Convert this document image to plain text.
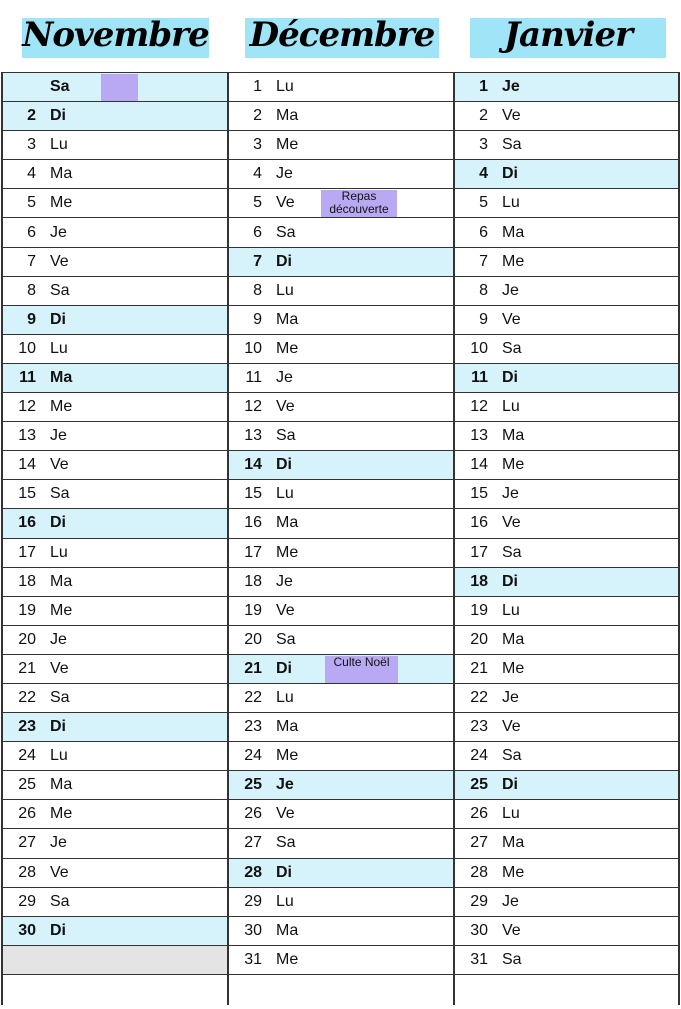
Novembre Décembre Janvier
Sa
2 Di
3 Lu
4 Ma
5 Me
6 Je
7 Ve
8 Sa
9 Di
10 Lu
11 Ma
12 Me
13 Je
14 Ve
15 Sa
16 Di
17 Lu
18 Ma
19 Me
20 Je
21 Ve
22 Sa
23 Di
24 Lu
25 Ma
26 Me
27 Je
28 Ve
29 Sa
30 Di
1 Lu
2 Ma
3 Me
4 Je
5 Ve	Repas découverte
6 Sa
7 Di
8 Lu
9 Ma
10 Me
11 Je
12 Ve
13 Sa
14 Di
15 Lu
16 Ma
17 Me
18 Je
19 Ve
20 Sa
21 Di	Culte Noël
22 Lu
23 Ma
24 Me
25 Je
26 Ve
27 Sa
28 Di
29 Lu
30 Ma
31 Me
1 Je
2 Ve
3 Sa
4 Di
5 Lu
6 Ma
7 Me
8 Je
9 Ve
10 Sa
11 Di
12 Lu
13 Ma
14 Me
15 Je
16 Ve
17 Sa
18 Di
19 Lu
20 Ma
21 Me
22 Je
23 Ve
24 Sa
25 Di
26 Lu
27 Ma
28 Me
29 Je
30 Ve
31 Sa
